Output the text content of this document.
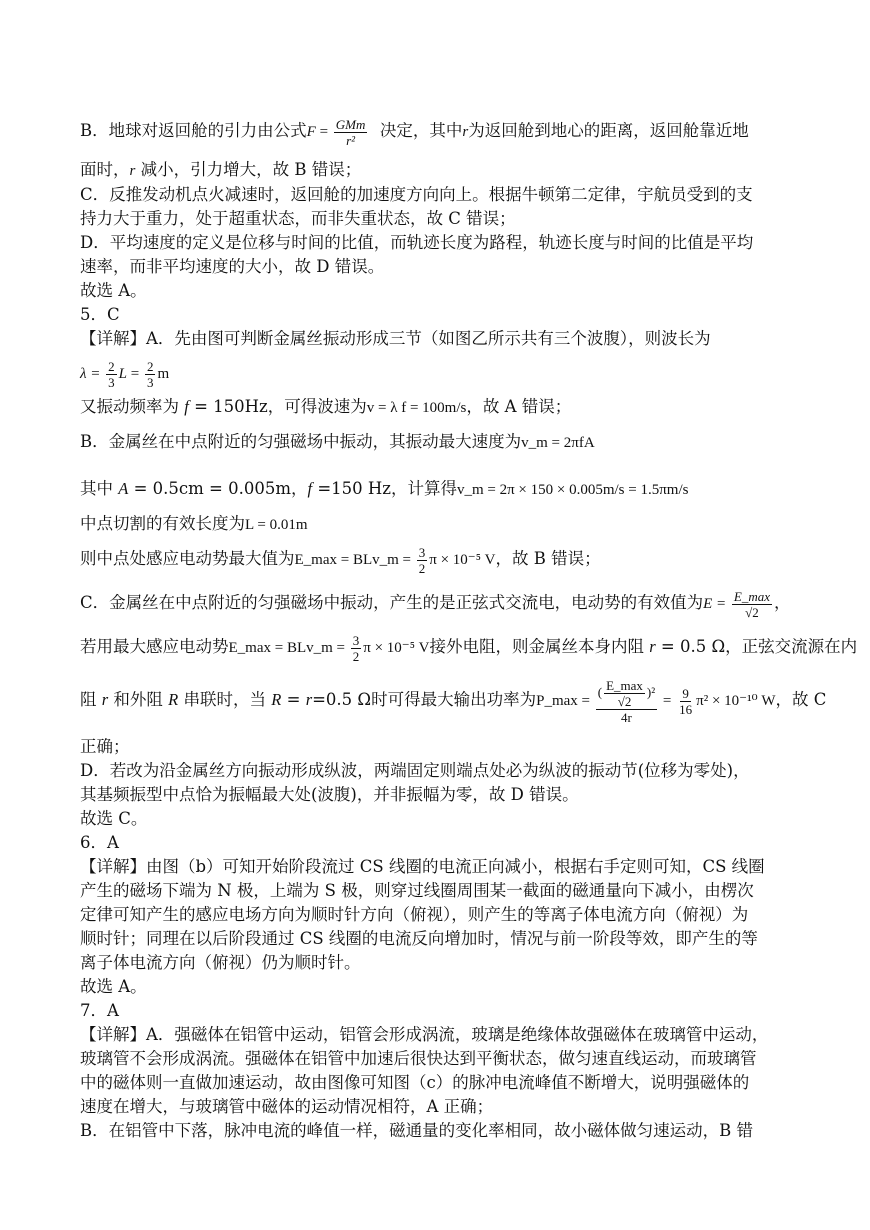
B．地球对返回舱的引力由公式$F = \frac{\text{GMm}}{\text{r²}}$ 决定，其中r为返回舱到地心的距离，返回舱靠近地
面时，r 减小，引力增大，故 B 错误；
C．反推发动机点火减速时，返回舱的加速度方向向上。根据牛顿第二定律，宇航员受到的支
持力大于重力，处于超重状态，而非失重状态，故 C 错误；
D．平均速度的定义是位移与时间的比值，而轨迹长度为路程，轨迹长度与时间的比值是平均
速率，而非平均速度的大小，故 D 错误。
故选 A。
5．C
【详解】A．先由图可判断金属丝振动形成三节（如图乙所示共有三个波腹），则波长为
$\lambda = \frac{2}{3}$ $L = \frac{2}{3}$ m
又振动频率为 f = 150Hz，可得波速为v = λ f = 100m/s，故 A 错误；
B．金属丝在中点附近的匀强磁场中振动，其振动最大速度为v_m = 2πfA
其中 A = 0.5cm = 0.005m，f =150 Hz，计算得v_m = 2π × 150 × 0.005m/s = 1.5πm/s
中点切割的有效长度为L = 0.01m
则中点处感应电动势最大值为E_max = BLv_m = $\frac{3}{2}$ π × 10⁻⁵ V，故 B 错误；
C．金属丝在中点附近的匀强磁场中振动，产生的是正弦式交流电，电动势的有效值为$E = \frac{E\_\max}{√2}$ ，
若用最大感应电动势E_max = BLv_m = $\frac{3}{2}$ π × 10⁻⁵ V接外电阻，则金属丝本身内阻 r = 0.5 Ω，正弦交流源在内
阻 r 和外阻 R 串联时，当 R = r=0.5 Ω时可得最大输出功率为P_max = $\frac{( \frac{E\_\max}{√2} )^2}{4r} = \frac{9}{16} \pi^2 \times 10^{-10}$ W，故 C
正确；
D．若改为沿金属丝方向振动形成纵波，两端固定则端点处必为纵波的振动节(位移为零处)，
其基频振型中点恰为振幅最大处(波腹)，并非振幅为零，故 D 错误。
故选 C。
6．A
【详解】由图（b）可知开始阶段流过 CS 线圈的电流正向减小，根据右手定则可知，CS 线圈
产生的磁场下端为 N 极，上端为 S 极，则穿过线圈周围某一截面的磁通量向下减小，由楞次
定律可知产生的感应电场方向为顺时针方向（俯视），则产生的等离子体电流方向（俯视）为
顺时针；同理在以后阶段通过 CS 线圈的电流反向增加时，情况与前一阶段等效，即产生的等
离子体电流方向（俯视）仍为顺时针。
故选 A。
7．A
【详解】A．强磁体在铝管中运动，铝管会形成涡流，玻璃是绝缘体故强磁体在玻璃管中运动，
玻璃管不会形成涡流。强磁体在铝管中加速后很快达到平衡状态，做匀速直线运动，而玻璃管
中的磁体则一直做加速运动，故由图像可知图（c）的脉冲电流峰值不断增大，说明强磁体的
速度在增大，与玻璃管中磁体的运动情况相符，A 正确；
B．在铝管中下落，脉冲电流的峰值一样，磁通量的变化率相同，故小磁体做匀速运动，B 错
